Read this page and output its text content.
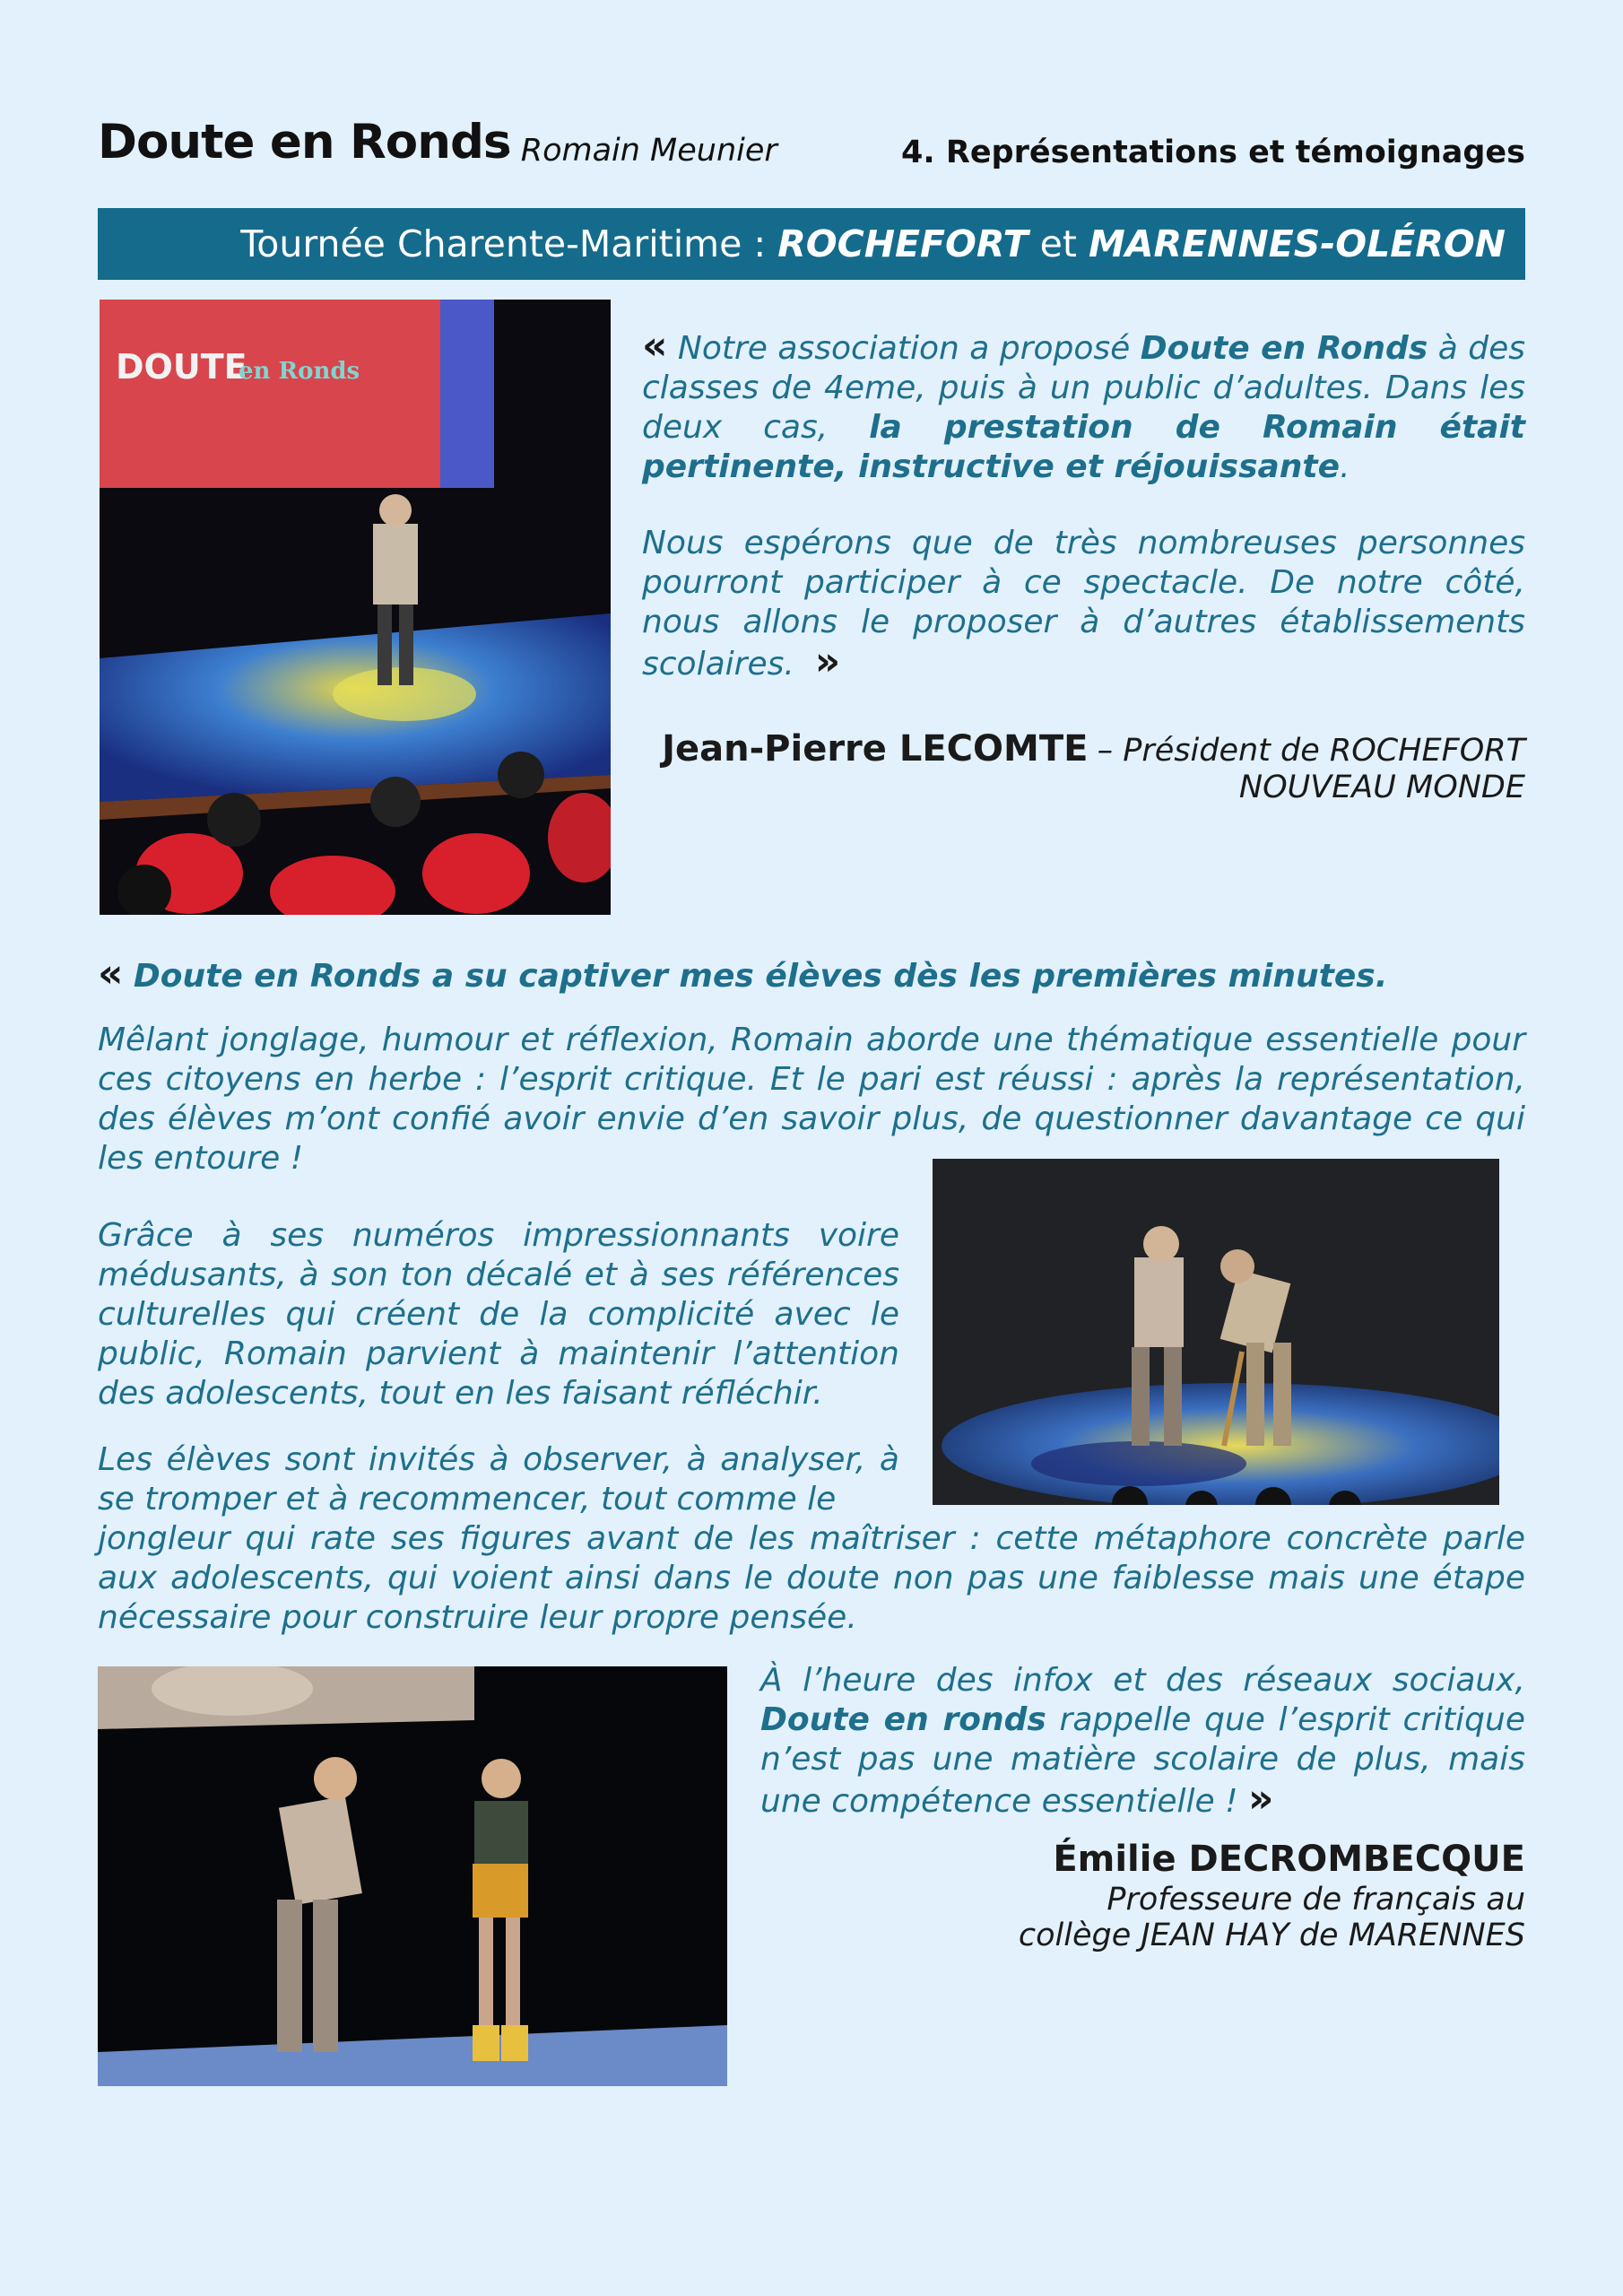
Doute en Ronds
- Romain Meunier	4. Représentations et témoignages
Tournée Charente-Maritime : ROCHEFORT et MARENNES-OLÉRON
DOUTE
en Ronds
« Notre association a proposé Doute en Ronds à des classes de 4eme, puis à un public d’adultes. Dans les deux cas, la prestation de Romain était pertinente, instructive et réjouissante.
Nous espérons que de très nombreuses personnes pourront participer à ce spectacle. De notre côté, nous allons le proposer à d’autres établissements scolaires. »
Jean-Pierre LECOMTE – Président de ROCHEFORT
NOUVEAU MONDE
« Doute en Ronds a su captiver mes élèves dès les premières minutes.
Mêlant jonglage, humour et réflexion, Romain aborde une thématique essentielle pour ces citoyens en herbe : l’esprit critique. Et le pari est réussi : après la représentation, des élèves m’ont confié avoir envie d’en savoir plus, de questionner davantage ce qui les entoure !
Grâce à ses numéros impressionnants voire médusants, à son ton décalé et à ses références culturelles qui créent de la complicité avec le public, Romain parvient à maintenir l’attention des adolescents, tout en les faisant réfléchir.
Les élèves sont invités à observer, à analyser, à se tromper et à recommencer, tout comme le
jongleur qui rate ses figures avant de les maîtriser : cette métaphore concrète parle aux adolescents, qui voient ainsi dans le doute non pas une faiblesse mais une étape nécessaire pour construire leur propre pensée.
À l’heure des infox et des réseaux sociaux, Doute en ronds rappelle que l’esprit critique n’est pas une matière scolaire de plus, mais une compétence essentielle ! »
Émilie DECROMBECQUE
Professeure de français au
collège JEAN HAY de MARENNES
